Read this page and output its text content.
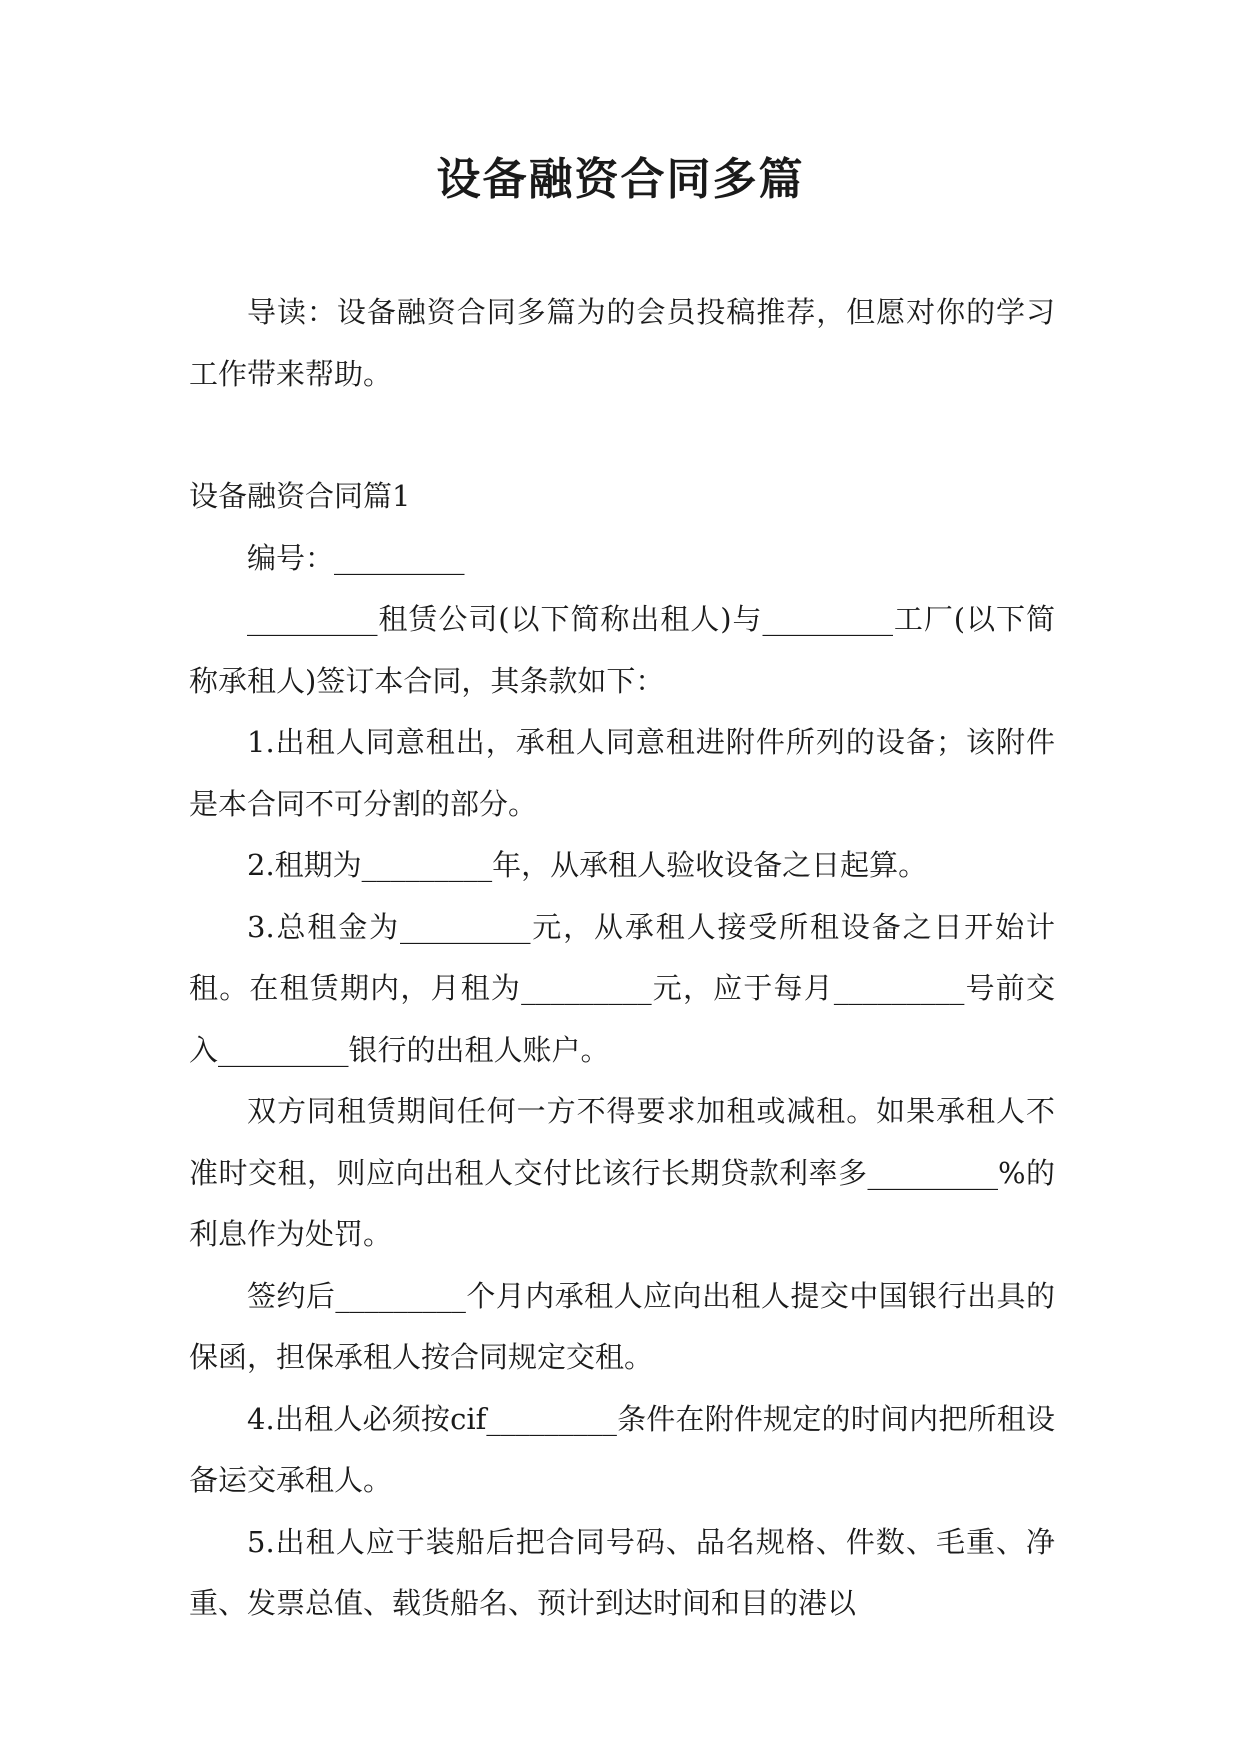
设备融资合同多篇

导读：设备融资合同多篇为的会员投稿推荐，但愿对你的学习工作带来帮助。

设备融资合同篇1

编号：_________

_________租赁公司(以下简称出租人)与_________工厂(以下简称承租人)签订本合同，其条款如下：

1.出租人同意租出，承租人同意租进附件所列的设备；该附件是本合同不可分割的部分。

2.租期为_________年，从承租人验收设备之日起算。

3.总租金为_________元，从承租人接受所租设备之日开始计租。在租赁期内，月租为_________元，应于每月_________号前交入_________银行的出租人账户。

双方同租赁期间任何一方不得要求加租或减租。如果承租人不准时交租，则应向出租人交付比该行长期贷款利率多_________%的利息作为处罚。

签约后_________个月内承租人应向出租人提交中国银行出具的保函，担保承租人按合同规定交租。

4.出租人必须按cif_________条件在附件规定的时间内把所租设备运交承租人。

5.出租人应于装船后把合同号码、品名规格、件数、毛重、净重、发票总值、载货船名、预计到达时间和目的港以
